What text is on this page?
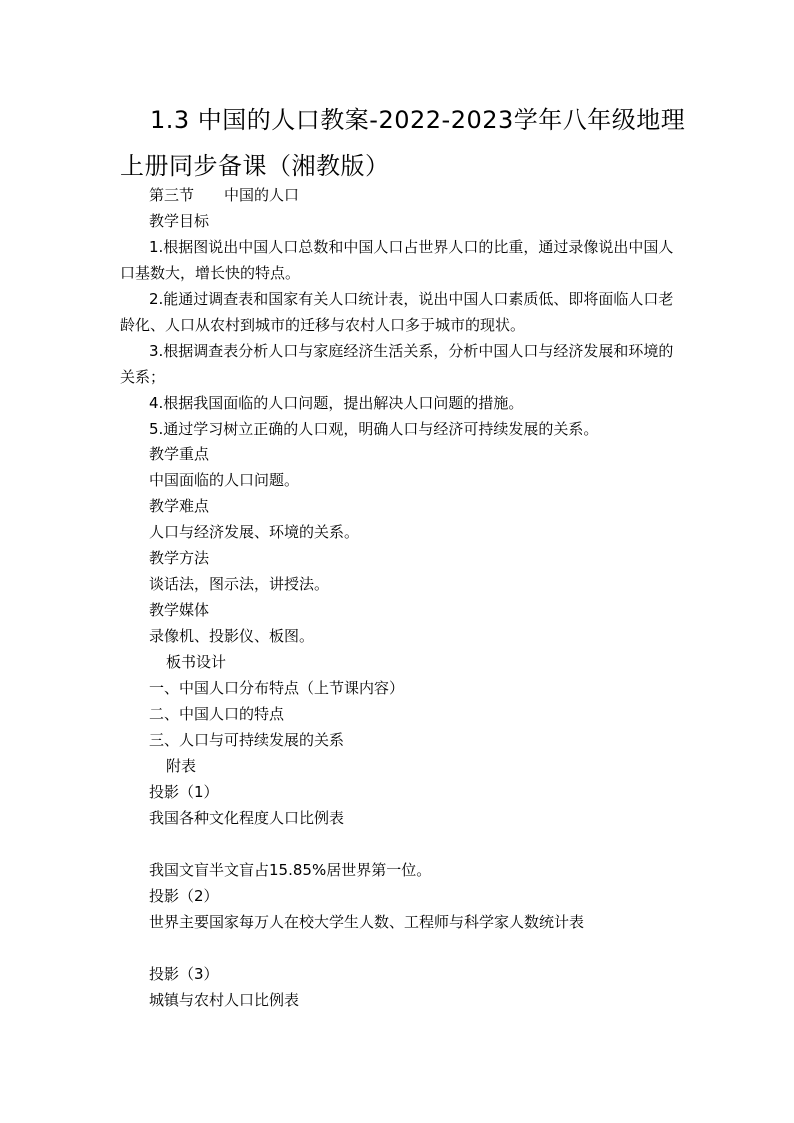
1.3 中国的人口教案-2022-2023学年八年级地理
上册同步备课（湘教版）
第三节　　中国的人口
教学目标
1.根据图说出中国人口总数和中国人口占世界人口的比重，通过录像说出中国人口基数大，增长快的特点。
2.能通过调查表和国家有关人口统计表，说出中国人口素质低、即将面临人口老龄化、人口从农村到城市的迁移与农村人口多于城市的现状。
3.根据调查表分析人口与家庭经济生活关系，分析中国人口与经济发展和环境的关系；
4.根据我国面临的人口问题，提出解决人口问题的措施。
5.通过学习树立正确的人口观，明确人口与经济可持续发展的关系。
教学重点
中国面临的人口问题。
教学难点
人口与经济发展、环境的关系。
教学方法
谈话法，图示法，讲授法。
教学媒体
录像机、投影仪、板图。
板书设计
一、中国人口分布特点（上节课内容）
二、中国人口的特点
三、人口与可持续发展的关系
附表
投影（1）
我国各种文化程度人口比例表
我国文盲半文盲占15.85%居世界第一位。
投影（2）
世界主要国家每万人在校大学生人数、工程师与科学家人数统计表
投影（3）
城镇与农村人口比例表
